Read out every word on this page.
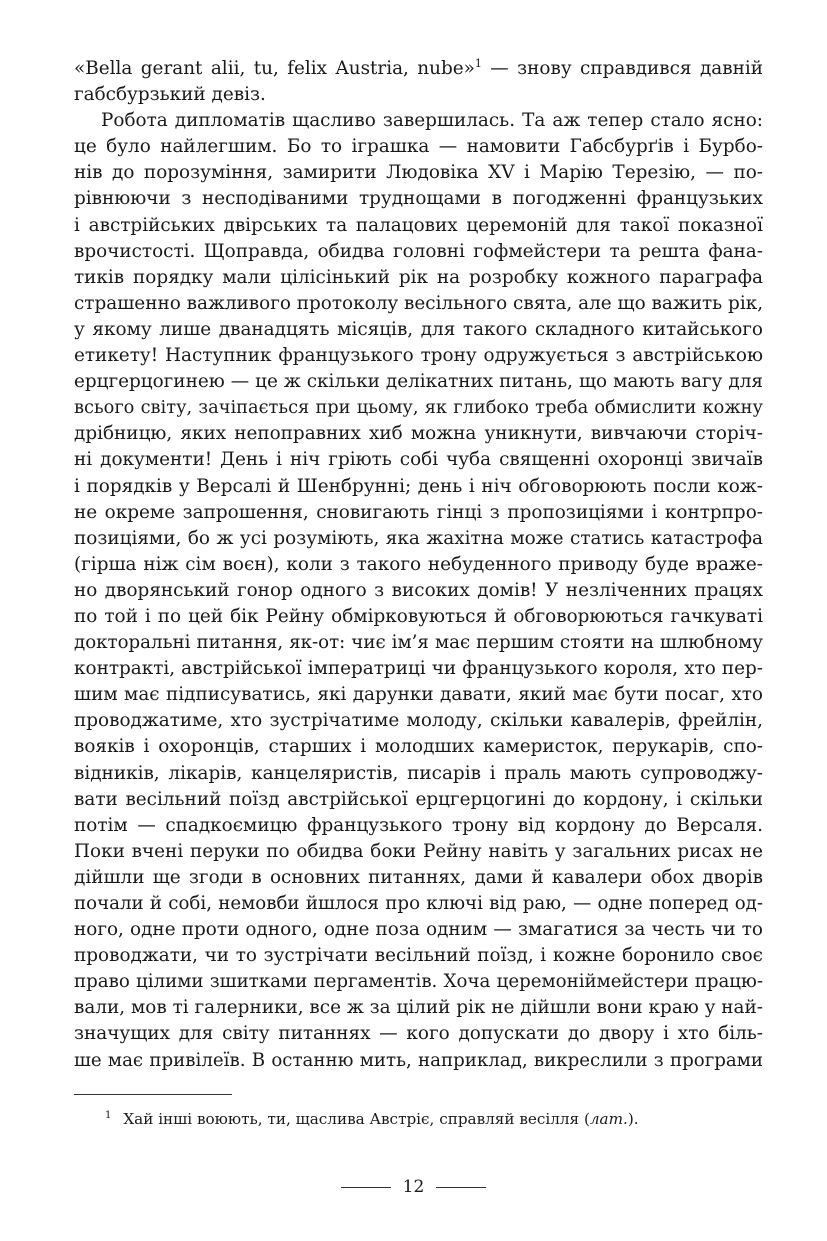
«Bella gerant alii, tu, felix Austria, nube»$^1$ — знову справдився давній
габсбурзький девіз.
Робота дипломатів щасливо завершилась. Та аж тепер стало ясно:
це було найлегшим. Бо то іграшка — намовити Габсбурґів і Бурбо-
нів до порозуміння, замирити Людовіка XV і Марію Терезію, — по-
рівнюючи з несподіваними труднощами в погодженні французьких
і австрійських двірських та палацових церемоній для такої показної
врочистості. Щоправда, обидва головні гофмейстери та решта фана-
тиків порядку мали цілісінький рік на розробку кожного параграфа
страшенно важливого протоколу весільного свята, але що важить рік,
у якому лише дванадцять місяців, для такого складного китайського
етикету! Наступник французького трону одружується з австрійською
ерцгерцогинею — це ж скільки делікатних питань, що мають вагу для
всього світу, зачіпається при цьому, як глибоко треба обмислити кожну
дрібницю, яких непоправних хиб можна уникнути, вивчаючи сторіч-
ні документи! День і ніч гріють собі чуба священні охоронці звичаїв
і порядків у Версалі й Шенбрунні; день і ніч обговорюють посли кож-
не окреме запрошення, сновигають гінці з пропозиціями і контрпро-
позиціями, бо ж усі розуміють, яка жахітна може статись катастрофа
(гірша ніж сім воєн), коли з такого небуденного приводу буде враже-
но дворянський гонор одного з високих домів! У незліченних працях
по той і по цей бік Рейну обмірковуються й обговорюються гачкуваті
докторальні питання, як-от: чиє ім’я має першим стояти на шлюбному
контракті, австрійської імператриці чи французького короля, хто пер-
шим має підписуватись, які дарунки давати, який має бути посаг, хто
проводжатиме, хто зустрічатиме молоду, скільки кавалерів, фрейлін,
вояків і охоронців, старших і молодших камеристок, перукарів, спо-
відників, лікарів, канцеляристів, писарів і праль мають супроводжу-
вати весільний поїзд австрійської ерцгерцогині до кордону, і скільки
потім — спадкоємицю французького трону від кордону до Версаля.
Поки вчені перуки по обидва боки Рейну навіть у загальних рисах не
дійшли ще згоди в основних питаннях, дами й кавалери обох дворів
почали й собі, немовби йшлося про ключі від раю, — одне поперед од-
ного, одне проти одного, одне поза одним — змагатися за честь чи то
проводжати, чи то зустрічати весільний поїзд, і кожне боронило своє
право цілими зшитками пергаментів. Хоча церемоніймейстери працю-
вали, мов ті галерники, все ж за цілий рік не дійшли вони краю у най-
значущих для світу питаннях — кого допускати до двору і хто біль-
ше має привілеїв. В останню мить, наприклад, викреслили з програми
$^1$ Хай інші воюють, ти, щаслива Австріє, справляй весілля (лат.).
12
